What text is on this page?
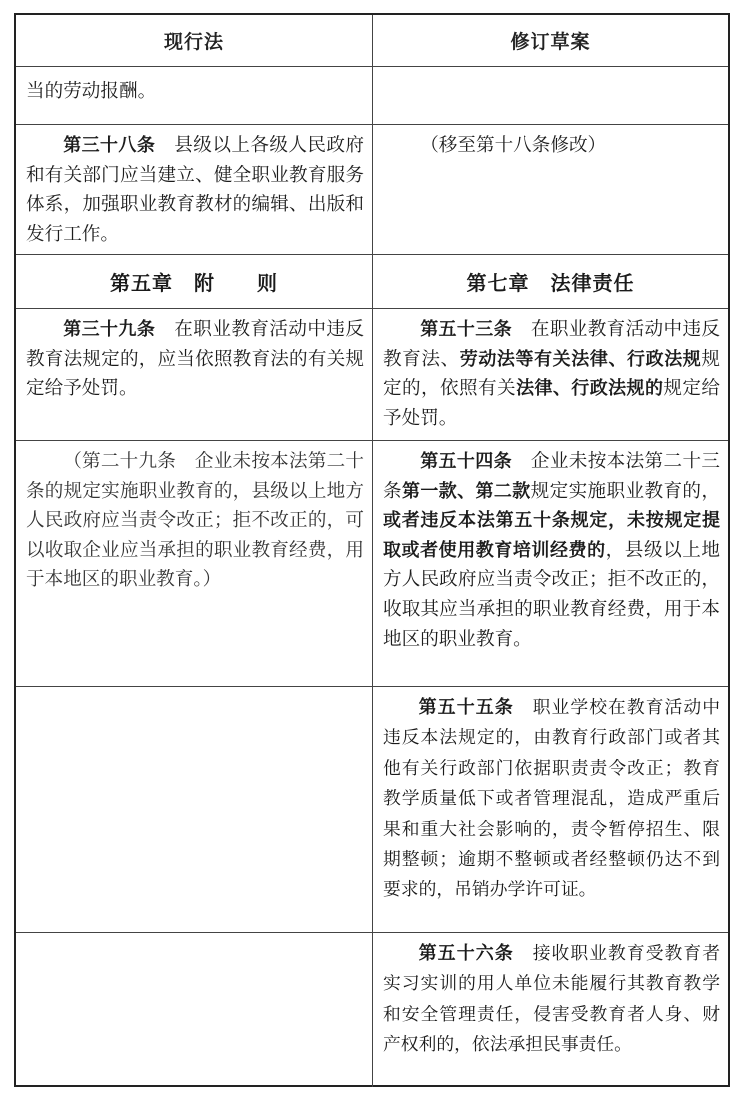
现行法	修订草案
当的劳动报酬。
第三十八条　 县级以上各级人民政府和有关部门应当建立、健全职业教育服务体系，加强职业教育教材的编辑、出版和发行工作。
（移至第十八条修改）
第五章　附　　则	第七章　法律责任
第三十九条　 在职业教育活动中违反教育法规定的，应当依照教育法的有关规定给予处罚。
第五十三条　 在职业教育活动中违反教育法、劳动法等有关法律、行政法规规定的，依照有关法律、行政法规的规定给予处罚。
（第二十九条　企业未按本法第二十条的规定实施职业教育的，县级以上地方人民政府应当责令改正；拒不改正的，可以收取企业应当承担的职业教育经费，用于本地区的职业教育。）
第五十四条　 企业未按本法第二十三条第一款、第二款规定实施职业教育的，或者违反本法第五十条规定，未按规定提取或者使用教育培训经费的，县级以上地方人民政府应当责令改正；拒不改正的，收取其应当承担的职业教育经费，用于本地区的职业教育。
第五十五条　 职业学校在教育活动中违反本法规定的，由教育行政部门或者其他有关行政部门依据职责责令改正；教育教学质量低下或者管理混乱，造成严重后果和重大社会影响的，责令暂停招生、限期整顿；逾期不整顿或者经整顿仍达不到要求的，吊销办学许可证。
第五十六条　 接收职业教育受教育者实习实训的用人单位未能履行其教育教学和安全管理责任，侵害受教育者人身、财产权利的，依法承担民事责任。
